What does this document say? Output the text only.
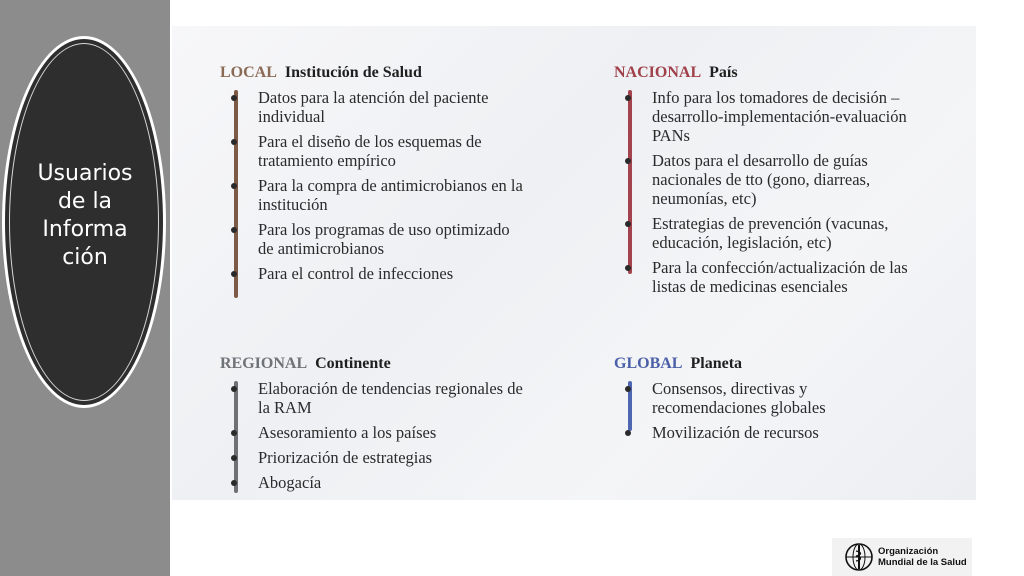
Usuarios
de la
Informa
ción
LOCAL Institución de Salud
Datos para la atención del paciente
individual
Para el diseño de los esquemas de
tratamiento empírico
Para la compra de antimicrobianos en la
institución
Para los programas de uso optimizado
de antimicrobianos
Para el control de infecciones
NACIONAL País
Info para los tomadores de decisión –
desarrollo-implementación-evaluación
PANs
Datos para el desarrollo de guías
nacionales de tto (gono, diarreas,
neumonías, etc)
Estrategias de prevención (vacunas,
educación, legislación, etc)
Para la confección/actualización de las
listas de medicinas esenciales
REGIONAL Continente
Elaboración de tendencias regionales de
la RAM
Asesoramiento a los países
Priorización de estrategias
Abogacía
GLOBAL Planeta
Consensos, directivas y
recomendaciones globales
Movilización de recursos
Organización
Mundial de la Salud
